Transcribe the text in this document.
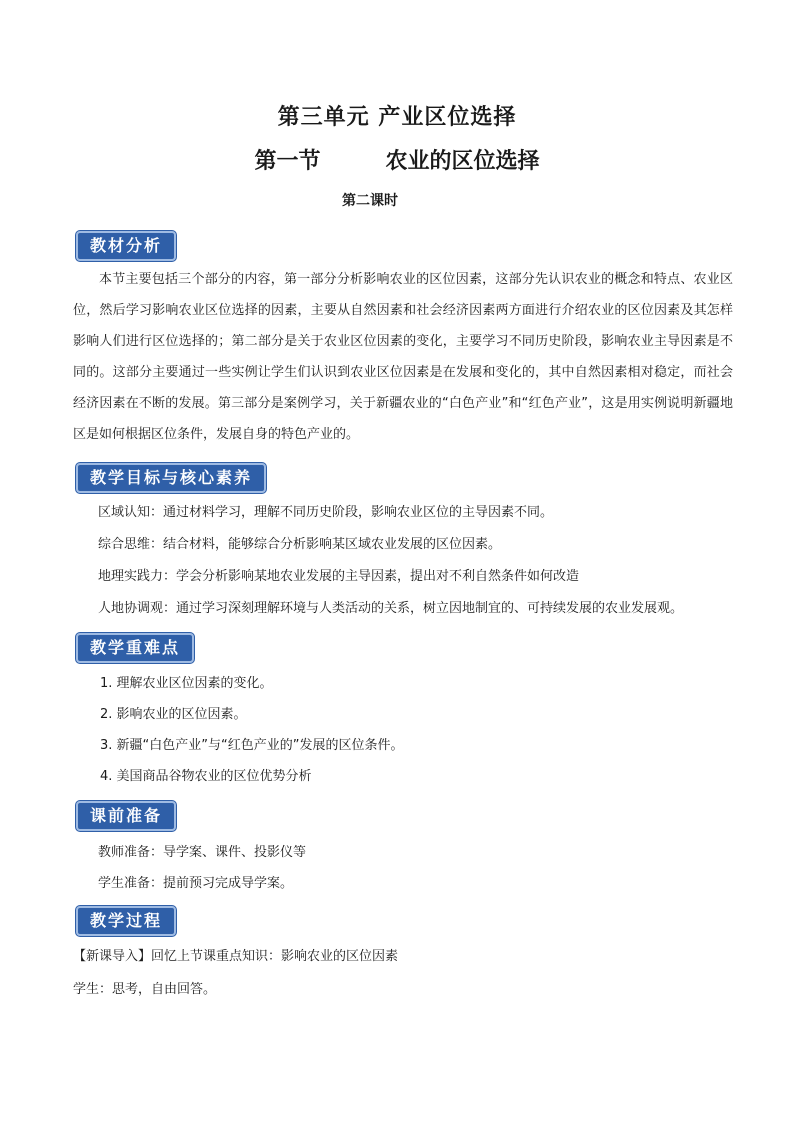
第三单元 产业区位选择
第一节   农业的区位选择
第二课时
教材分析
本节主要包括三个部分的内容，第一部分分析影响农业的区位因素，这部分先认识农业的概念和特点、农业区位，然后学习影响农业区位选择的因素，主要从自然因素和社会经济因素两方面进行介绍农业的区位因素及其怎样影响人们进行区位选择的；第二部分是关于农业区位因素的变化，主要学习不同历史阶段，影响农业主导因素是不同的。这部分主要通过一些实例让学生们认识到农业区位因素是在发展和变化的，其中自然因素相对稳定，而社会经济因素在不断的发展。第三部分是案例学习，关于新疆农业的“白色产业”和“红色产业”，这是用实例说明新疆地区是如何根据区位条件，发展自身的特色产业的。
教学目标与核心素养
区域认知：通过材料学习，理解不同历史阶段，影响农业区位的主导因素不同。
综合思维：结合材料，能够综合分析影响某区域农业发展的区位因素。
地理实践力：学会分析影响某地农业发展的主导因素，提出对不利自然条件如何改造
人地协调观：通过学习深刻理解环境与人类活动的关系，树立因地制宜的、可持续发展的农业发展观。
教学重难点
1. 理解农业区位因素的变化。
2. 影响农业的区位因素。
3. 新疆“白色产业”与“红色产业的”发展的区位条件。
4. 美国商品谷物农业的区位优势分析
课前准备
教师准备：导学案、课件、投影仪等
学生准备：提前预习完成导学案。
教学过程
【新课导入】回忆上节课重点知识：影响农业的区位因素
学生：思考，自由回答。
